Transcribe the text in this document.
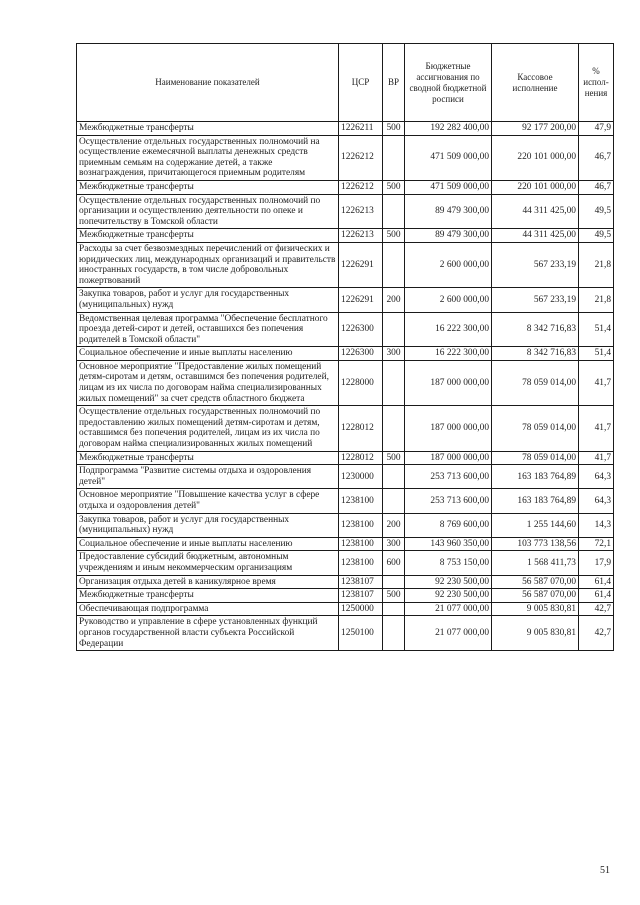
Наименование показателей	ЦСР	ВР	Бюджетные ассигнования по сводной бюджетной росписи	Кассовое исполнение	% испол-нения
Межбюджетные трансферты	1226211	500	192 282 400,00	92 177 200,00	47,9
Осуществление отдельных государственных полномочий на осуществление ежемесячной выплаты денежных средств приемным семьям на содержание детей, а также вознаграждения, причитающегося приемным родителям	1226212		471 509 000,00	220 101 000,00	46,7
Межбюджетные трансферты	1226212	500	471 509 000,00	220 101 000,00	46,7
Осуществление отдельных государственных полномочий по организации и осуществлению деятельности по опеке и попечительству в Томской области	1226213		89 479 300,00	44 311 425,00	49,5
Межбюджетные трансферты	1226213	500	89 479 300,00	44 311 425,00	49,5
Расходы за счет безвозмездных перечислений от физических и юридических лиц, международных организаций и правительств иностранных государств, в том числе добровольных пожертвований	1226291		2 600 000,00	567 233,19	21,8
Закупка товаров, работ и услуг для государственных (муниципальных) нужд	1226291	200	2 600 000,00	567 233,19	21,8
Ведомственная целевая программа "Обеспечение бесплатного проезда детей-сирот и детей, оставшихся без попечения родителей в Томской области"	1226300		16 222 300,00	8 342 716,83	51,4
Социальное обеспечение и иные выплаты населению	1226300	300	16 222 300,00	8 342 716,83	51,4
Основное мероприятие "Предоставление жилых помещений детям-сиротам и детям, оставшимся без попечения родителей, лицам из их числа по договорам найма специализированных жилых помещений" за счет средств областного бюджета	1228000		187 000 000,00	78 059 014,00	41,7
Осуществление отдельных государственных полномочий по предоставлению жилых помещений детям-сиротам и детям, оставшимся без попечения родителей, лицам из их числа по договорам найма специализированных жилых помещений	1228012		187 000 000,00	78 059 014,00	41,7
Межбюджетные трансферты	1228012	500	187 000 000,00	78 059 014,00	41,7
Подпрограмма "Развитие системы отдыха и оздоровления детей"	1230000		253 713 600,00	163 183 764,89	64,3
Основное мероприятие "Повышение качества услуг в сфере отдыха и оздоровления детей"	1238100		253 713 600,00	163 183 764,89	64,3
Закупка товаров, работ и услуг для государственных (муниципальных) нужд	1238100	200	8 769 600,00	1 255 144,60	14,3
Социальное обеспечение и иные выплаты населению	1238100	300	143 960 350,00	103 773 138,56	72,1
Предоставление субсидий бюджетным, автономным учреждениям и иным некоммерческим организациям	1238100	600	8 753 150,00	1 568 411,73	17,9
Организация отдыха детей в каникулярное время	1238107		92 230 500,00	56 587 070,00	61,4
Межбюджетные трансферты	1238107	500	92 230 500,00	56 587 070,00	61,4
Обеспечивающая подпрограмма	1250000		21 077 000,00	9 005 830,81	42,7
Руководство и управление в сфере установленных функций органов государственной власти субъекта Российской Федерации	1250100		21 077 000,00	9 005 830,81	42,7
51
